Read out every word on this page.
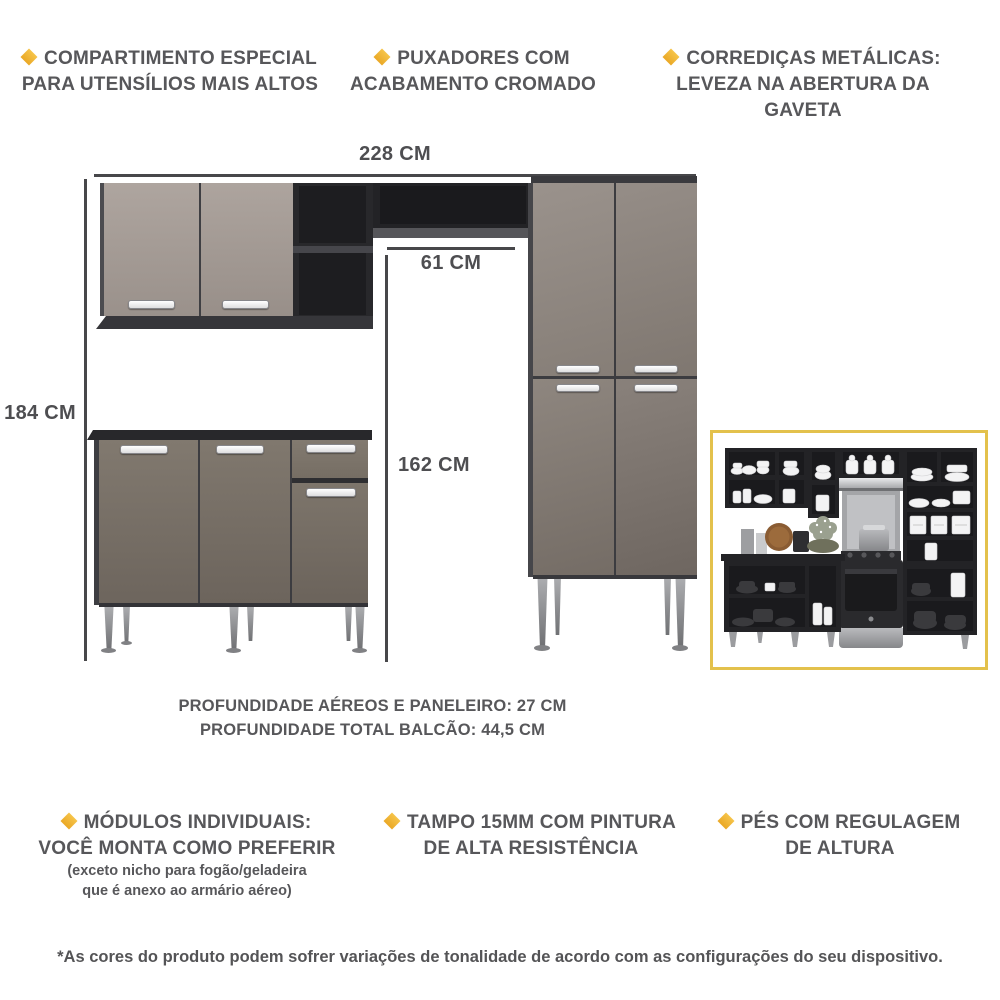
COMPARTIMENTO ESPECIAL
PARA UTENSÍLIOS MAIS ALTOS
PUXADORES COM
ACABAMENTO CROMADO
CORREDIÇAS METÁLICAS:
LEVEZA NA ABERTURA DA GAVETA
228 CM
184 CM
61 CM
162 CM
PROFUNDIDADE AÉREOS E PANELEIRO: 27 CM
PROFUNDIDADE TOTAL BALCÃO: 44,5 CM
MÓDULOS INDIVIDUAIS:
VOCÊ MONTA COMO PREFERIR
(exceto nicho para fogão/geladeira
que é anexo ao armário aéreo)
TAMPO 15MM COM PINTURA
DE ALTA RESISTÊNCIA
PÉS COM REGULAGEM
DE ALTURA
*As cores do produto podem sofrer variações de tonalidade de acordo com as configurações do seu dispositivo.
